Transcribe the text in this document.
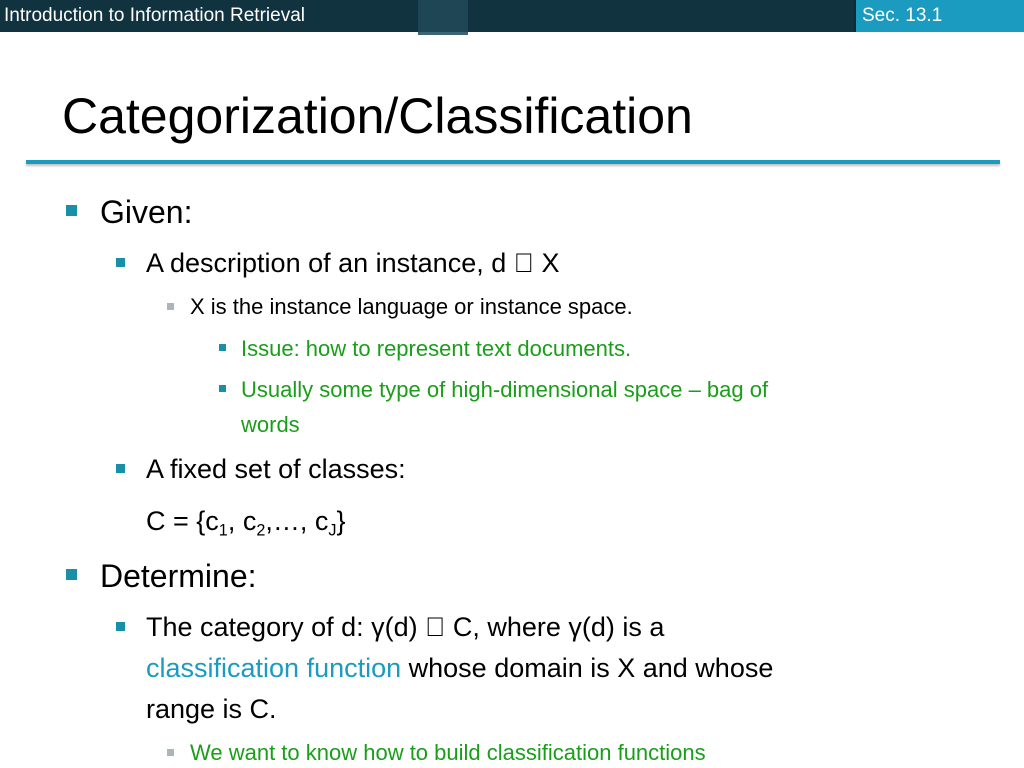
Introduction to Information Retrieval	Sec. 13.1
Categorization/Classification
Given:
A description of an instance, d X
X is the instance language or instance space.
Issue: how to represent text documents.
Usually some type of high-dimensional space – bag of
words
A fixed set of classes:
$C = \{c_1$, $c_2,\dots$, $c_J$}
Determine:
The category of d: γ(d) C, where γ(d) is a
classification function whose domain is X and whose
range is C.
We want to know how to build classification functions
